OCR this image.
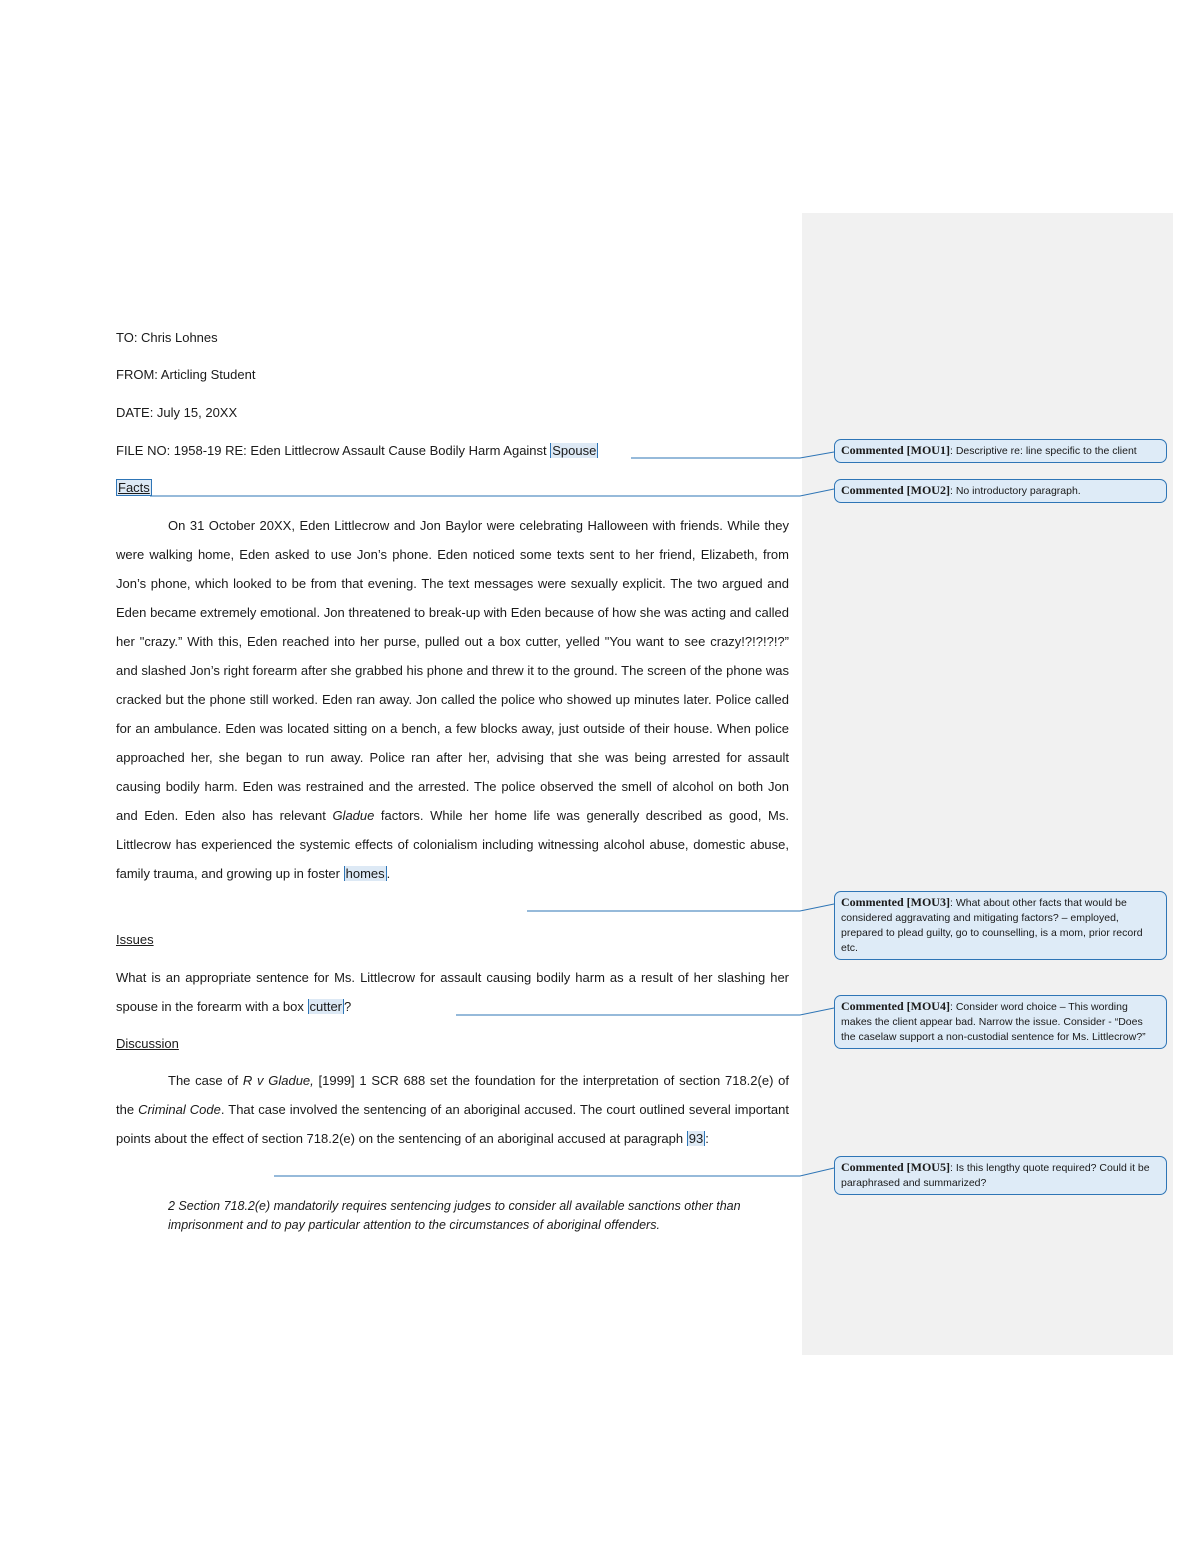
TO: Chris Lohnes
FROM: Articling Student
DATE: July 15, 20XX
FILE NO: 1958-19 RE: Eden Littlecrow Assault Cause Bodily Harm Against Spouse
Facts
On 31 October 20XX, Eden Littlecrow and Jon Baylor were celebrating Halloween with friends. While they were walking home, Eden asked to use Jon’s phone. Eden noticed some texts sent to her friend, Elizabeth, from Jon’s phone, which looked to be from that evening. The text messages were sexually explicit. The two argued and Eden became extremely emotional. Jon threatened to break-up with Eden because of how she was acting and called her "crazy.” With this, Eden reached into her purse, pulled out a box cutter, yelled "You want to see crazy!?!?!?!?” and slashed Jon’s right forearm after she grabbed his phone and threw it to the ground. The screen of the phone was cracked but the phone still worked. Eden ran away. Jon called the police who showed up minutes later. Police called for an ambulance. Eden was located sitting on a bench, a few blocks away, just outside of their house. When police approached her, she began to run away. Police ran after her, advising that she was being arrested for assault causing bodily harm. Eden was restrained and the arrested. The police observed the smell of alcohol on both Jon and Eden. Eden also has relevant Gladue factors. While her home life was generally described as good, Ms. Littlecrow has experienced the systemic effects of colonialism including witnessing alcohol abuse, domestic abuse, family trauma, and growing up in foster homes .
Issues
What is an appropriate sentence for Ms. Littlecrow for assault causing bodily harm as a result of her slashing her spouse in the forearm with a box cutter ?
Discussion
The case of R v Gladue, [1999] 1 SCR 688 set the foundation for the interpretation of section 718.2(e) of the Criminal Code. That case involved the sentencing of an aboriginal accused. The court outlined several important points about the effect of section 718.2(e) on the sentencing of an aboriginal accused at paragraph 93 :
2 Section 718.2(e) mandatorily requires sentencing judges to consider all available sanctions other than imprisonment and to pay particular attention to the circumstances of aboriginal offenders.
Commented [MOU1]: Descriptive re: line specific to the client
Commented [MOU2]: No introductory paragraph.
Commented [MOU3]: What about other facts that would be considered aggravating and mitigating factors? – employed, prepared to plead guilty, go to counselling, is a mom, prior record etc.
Commented [MOU4]: Consider word choice – This wording makes the client appear bad. Narrow the issue. Consider - “Does the caselaw support a non-custodial sentence for Ms. Littlecrow?”
Commented [MOU5]: Is this lengthy quote required? Could it be paraphrased and summarized?
